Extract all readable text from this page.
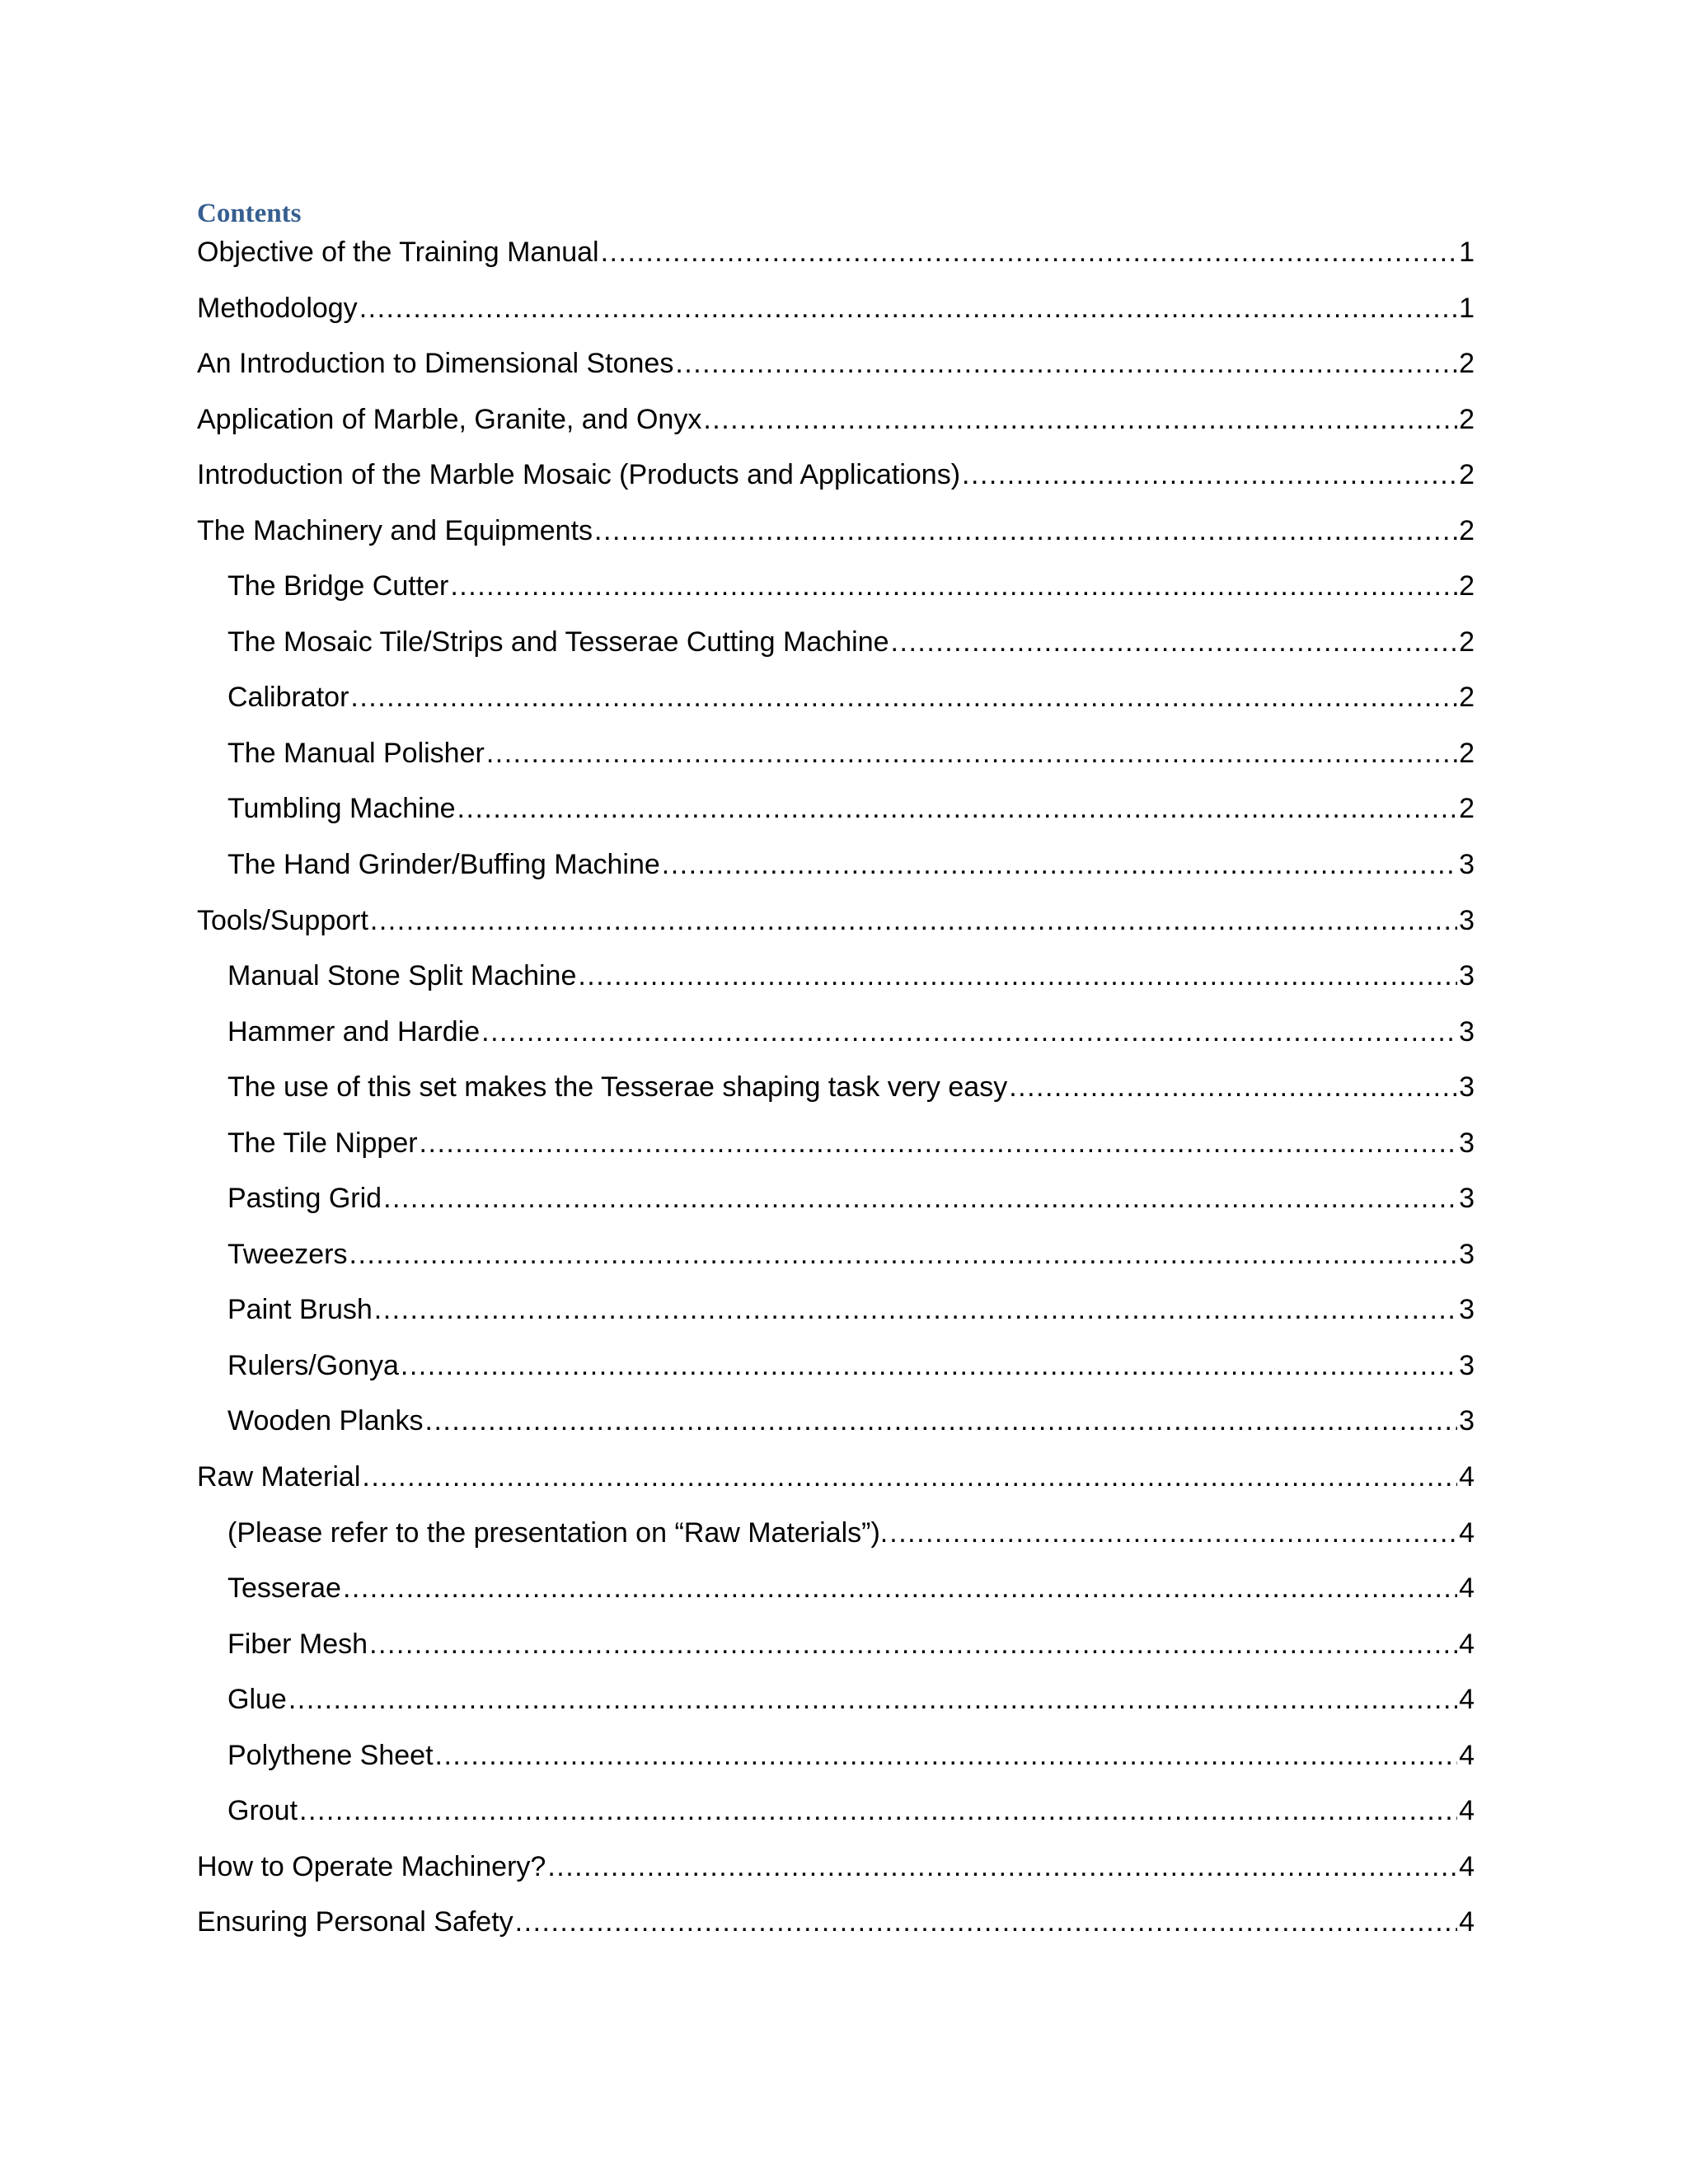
Contents
Objective of the Training Manual .....	1
Methodology .....	1
An Introduction to Dimensional Stones .....	2
Application of Marble, Granite, and Onyx .....	2
Introduction of the Marble Mosaic (Products and Applications) .....	2
The Machinery and Equipments .....	2
The Bridge Cutter .....	2
The Mosaic Tile/Strips and Tesserae Cutting Machine .....	2
Calibrator .....	2
The Manual Polisher .....	2
Tumbling Machine .....	2
The Hand Grinder/Buffing Machine .....	3
Tools/Support .....	3
Manual Stone Split Machine .....	3
Hammer and Hardie .....	3
The use of this set makes the Tesserae shaping task very easy .....	3
The Tile Nipper .....	3
Pasting Grid .....	3
Tweezers .....	3
Paint Brush .....	3
Rulers/Gonya .....	3
Wooden Planks .....	3
Raw Material .....	4
(Please refer to the presentation on “Raw Materials”). .....	4
Tesserae .....	4
Fiber Mesh .....	4
Glue .....	4
Polythene Sheet .....	4
Grout .....	4
How to Operate Machinery? .....	4
Ensuring Personal Safety .....	4
